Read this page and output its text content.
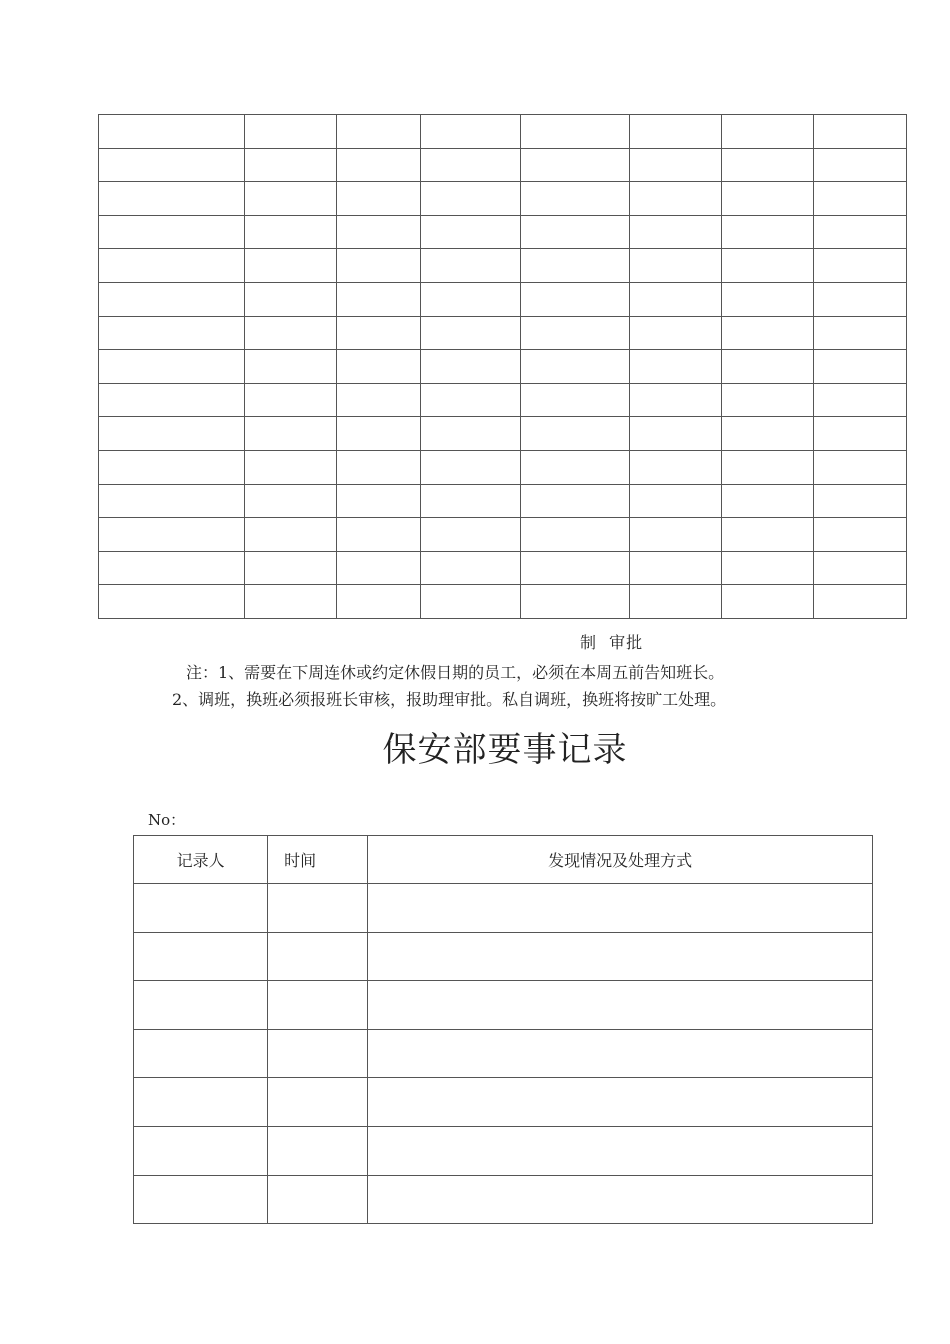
制  审批
注：1、需要在下周连休或约定休假日期的员工，必须在本周五前告知班长。
2、调班，换班必须报班长审核，报助理审批。私自调班，换班将按旷工处理。
保安部要事记录
No：
记录人	时间	发现情况及处理方式
